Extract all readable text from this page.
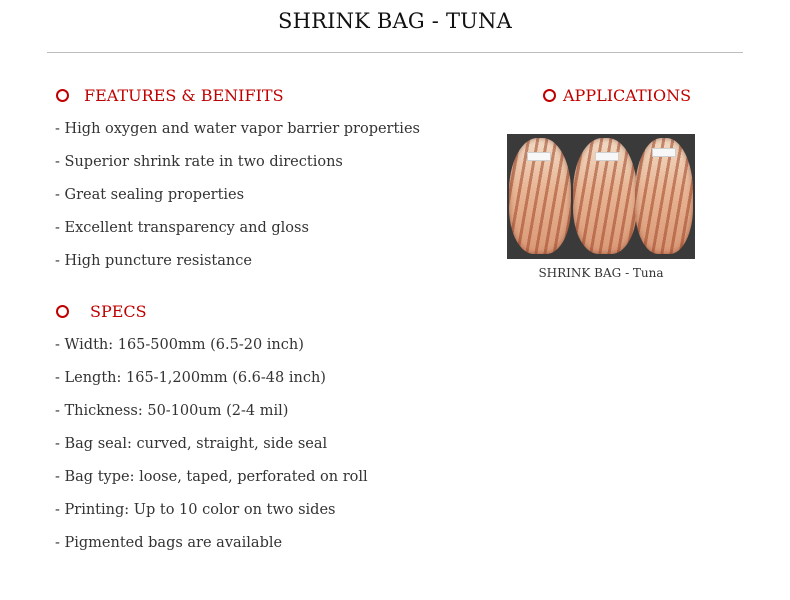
SHRINK BAG - TUNA
FEATURES & BENIFITS
- High oxygen and water vapor barrier properties
- Superior shrink rate in two directions
- Great sealing properties
- Excellent transparency and gloss
- High puncture resistance
SPECS
- Width: 165-500mm (6.5-20 inch)
- Length: 165-1,200mm (6.6-48 inch)
- Thickness: 50-100um (2-4 mil)
- Bag seal: curved, straight, side seal
- Bag type: loose, taped, perforated on roll
- Printing: Up to 10 color on two sides
- Pigmented bags are available
APPLICATIONS
SHRINK BAG - Tuna
